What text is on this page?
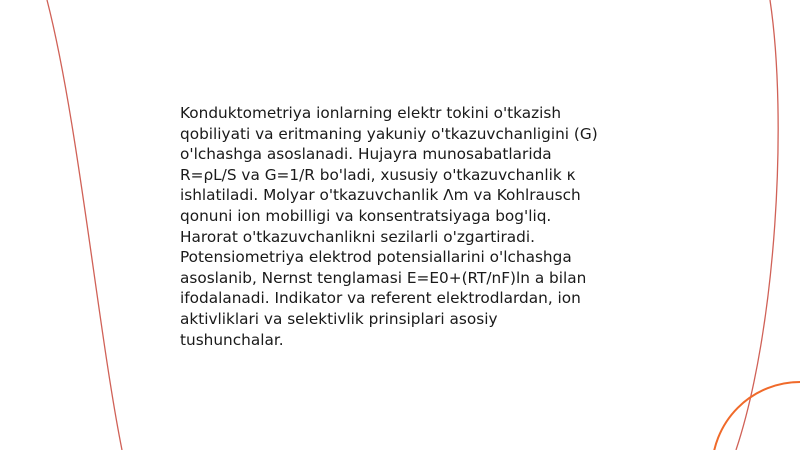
Konduktometriya ionlarning elektr tokini o'tkazish
qobiliyati va eritmaning yakuniy o'tkazuvchanligini (G)
o'lchashga asoslanadi. Hujayra munosabatlarida
R=ρL/S va G=1/R bo'ladi, xususiy o'tkazuvchanlik κ
ishlatiladi. Molyar o'tkazuvchanlik Λm va Kohlrausch
qonuni ion mobilligi va konsentratsiyaga bog'liq.
Harorat o'tkazuvchanlikni sezilarli o'zgartiradi.
Potensiometriya elektrod potensiallarini o'lchashga
asoslanib, Nernst tenglamasi E=E0+(RT/nF)ln a bilan
ifodalanadi. Indikator va referent elektrodlardan, ion
aktivliklari va selektivlik prinsiplari asosiy
tushunchalar.
